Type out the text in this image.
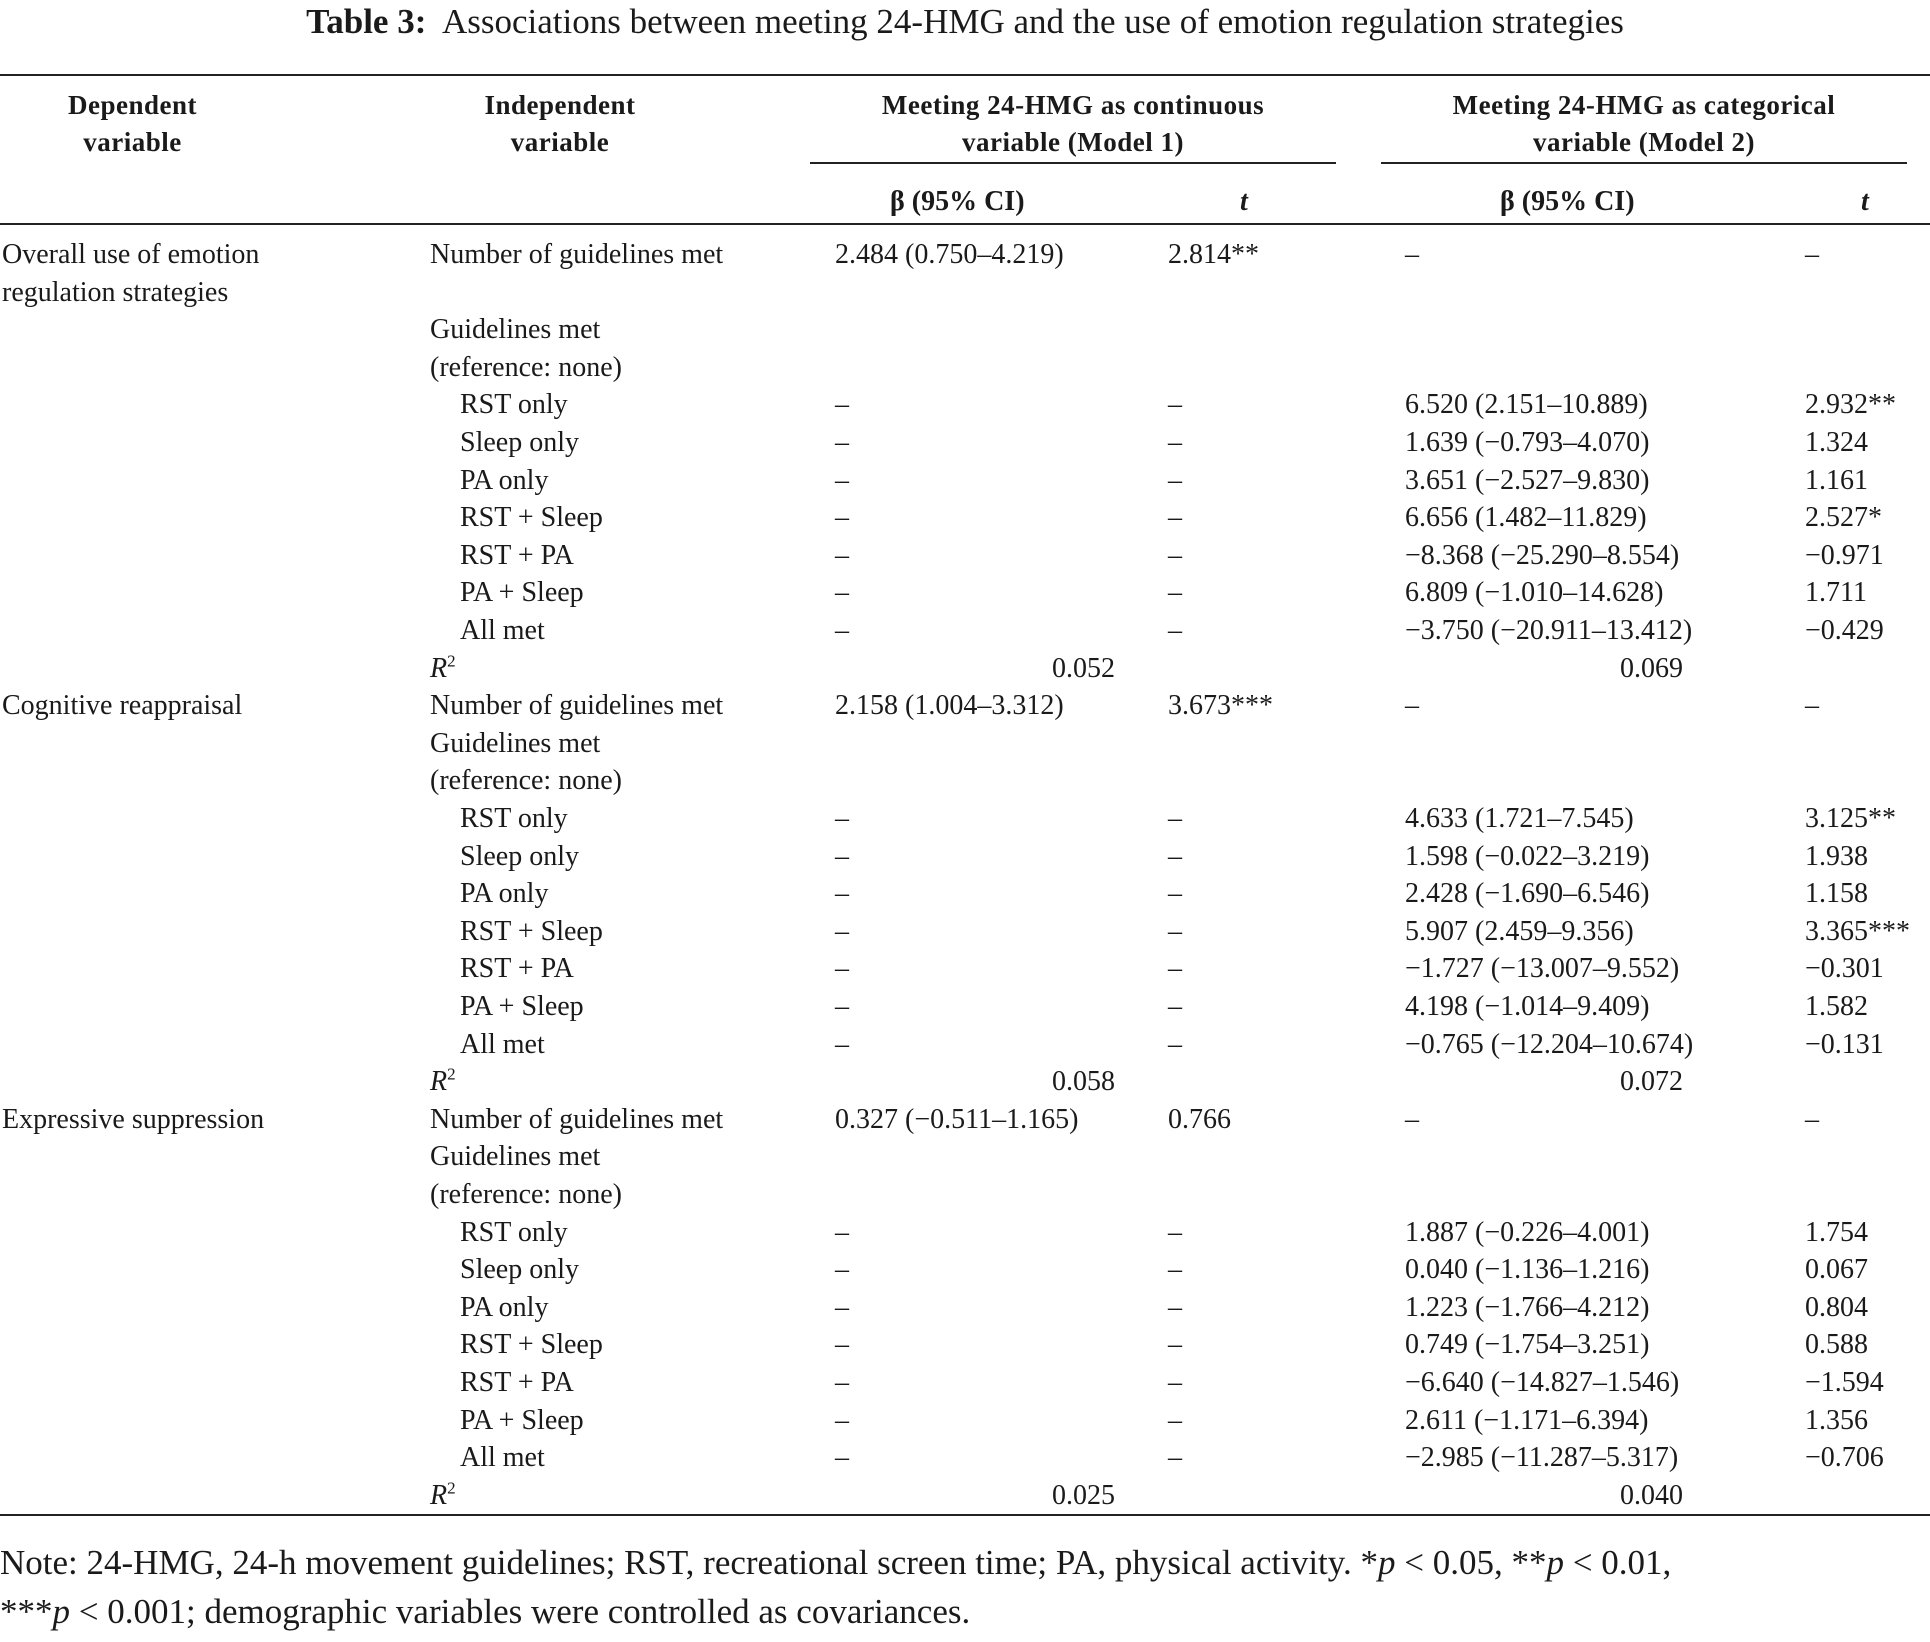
Table 3: Associations between meeting 24-HMG and the use of emotion regulation strategies
Dependent
variable
Independent
variable
Meeting 24-HMG as continuous
variable (Model 1)
Meeting 24-HMG as categorical
variable (Model 2)
β (95% CI)	t	β (95% CI)	t
Overall use of emotion
regulation strategies
Number of guidelines met	2.484 (0.750–4.219)	2.814**	–	–
Guidelines met
(reference: none)
RST only	–	–	6.520 (2.151–10.889)	2.932**
Sleep only	–	–	1.639 (−0.793–4.070)	1.324
PA only	–	–	3.651 (−2.527–9.830)	1.161
RST + Sleep	–	–	6.656 (1.482–11.829)	2.527*
RST + PA	–	–	−8.368 (−25.290–8.554)	−0.971
PA + Sleep	–	–	6.809 (−1.010–14.628)	1.711
All met	–	–	−3.750 (−20.911–13.412)	−0.429
$R^2$	0.052	0.069
Cognitive reappraisal	Number of guidelines met	2.158 (1.004–3.312)	3.673***	–	–
Guidelines met
(reference: none)
RST only	–	–	4.633 (1.721–7.545)	3.125**
Sleep only	–	–	1.598 (−0.022–3.219)	1.938
PA only	–	–	2.428 (−1.690–6.546)	1.158
RST + Sleep	–	–	5.907 (2.459–9.356)	3.365***
RST + PA	–	–	−1.727 (−13.007–9.552)	−0.301
PA + Sleep	–	–	4.198 (−1.014–9.409)	1.582
All met	–	–	−0.765 (−12.204–10.674)	−0.131
$R^2$	0.058	0.072
Expressive suppression	Number of guidelines met	0.327 (−0.511–1.165)	0.766	–	–
Guidelines met
(reference: none)
RST only	–	–	1.887 (−0.226–4.001)	1.754
Sleep only	–	–	0.040 (−1.136–1.216)	0.067
PA only	–	–	1.223 (−1.766–4.212)	0.804
RST + Sleep	–	–	0.749 (−1.754–3.251)	0.588
RST + PA	–	–	−6.640 (−14.827–1.546)	−1.594
PA + Sleep	–	–	2.611 (−1.171–6.394)	1.356
All met	–	–	−2.985 (−11.287–5.317)	−0.706
$R^2$	0.025	0.040
Note: 24-HMG, 24-h movement guidelines; RST, recreational screen time; PA, physical activity. *p < 0.05, **p < 0.01,
***p < 0.001; demographic variables were controlled as covariances.
